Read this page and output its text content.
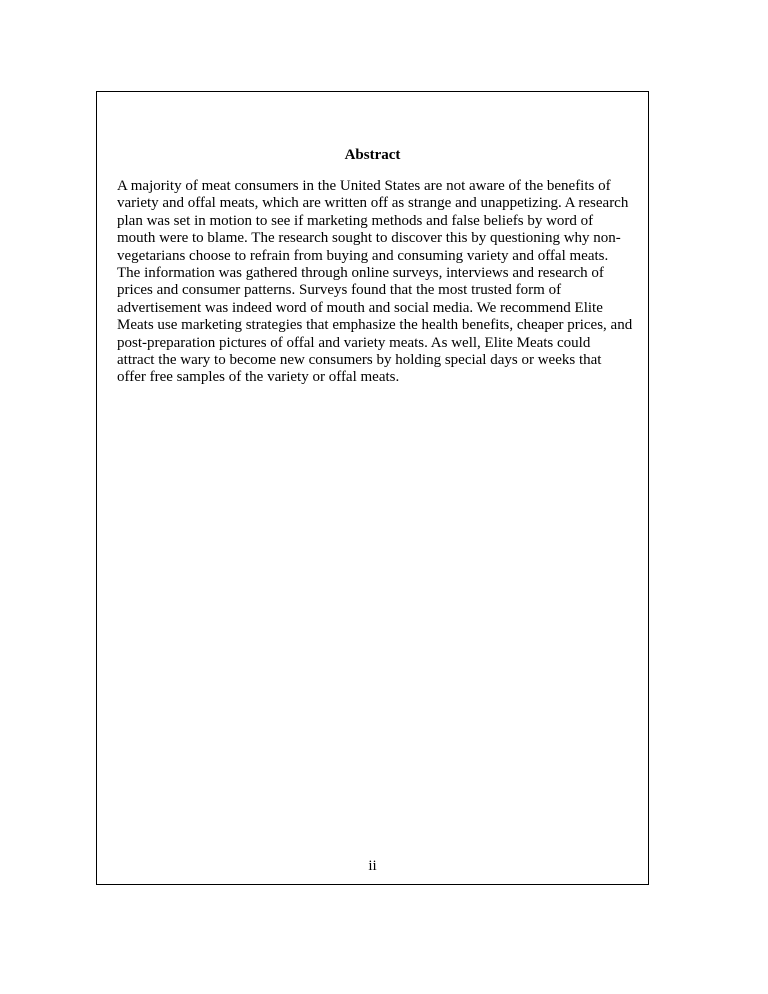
Abstract

A majority of meat consumers in the United States are not aware of the benefits of
variety and offal meats, which are written off as strange and unappetizing. A research
plan was set in motion to see if marketing methods and false beliefs by word of
mouth were to blame. The research sought to discover this by questioning why non-
vegetarians choose to refrain from buying and consuming variety and offal meats.
The information was gathered through online surveys, interviews and research of
prices and consumer patterns. Surveys found that the most trusted form of
advertisement was indeed word of mouth and social media. We recommend Elite
Meats use marketing strategies that emphasize the health benefits, cheaper prices, and
post-preparation pictures of offal and variety meats. As well, Elite Meats could
attract the wary to become new consumers by holding special days or weeks that
offer free samples of the variety or offal meats.

ii
